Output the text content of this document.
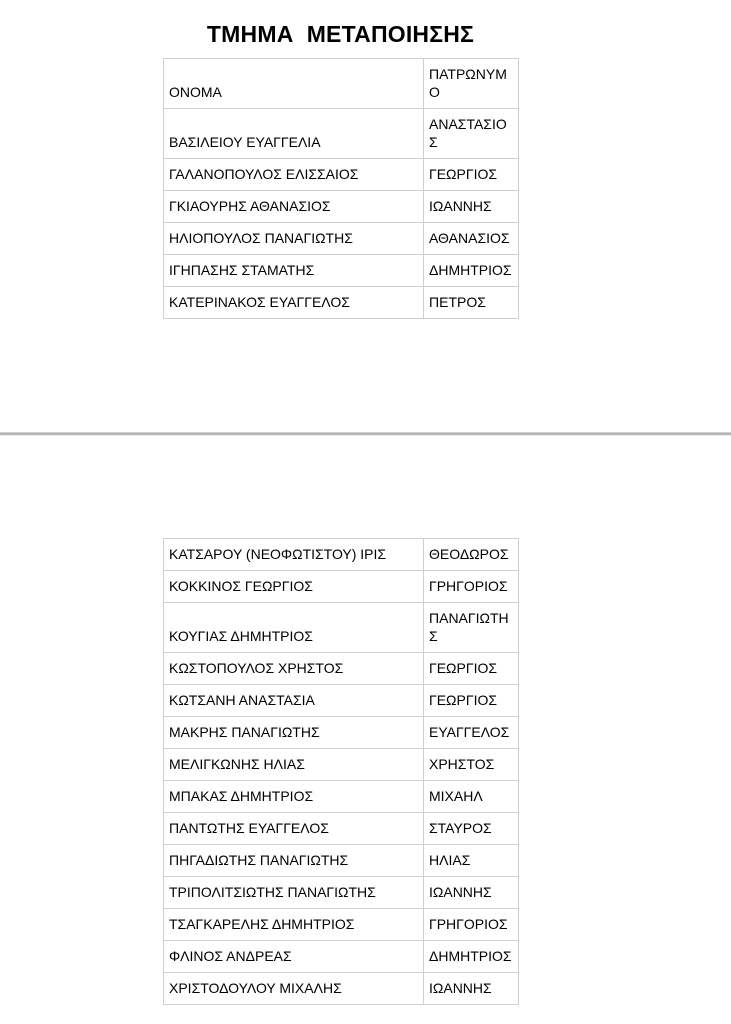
ΤΜΗΜΑ  ΜΕΤΑΠΟΙΗΣΗΣ
ΟΝΟΜΑ	ΠΑΤΡΩΝΥΜΟ
ΒΑΣΙΛΕΙΟΥ ΕΥΑΓΓΕΛΙΑ	ΑΝΑΣΤΑΣΙΟΣ
ΓΑΛΑΝΟΠΟΥΛΟΣ ΕΛΙΣΣΑΙΟΣ	ΓΕΩΡΓΙΟΣ
ΓΚΙΑΟΥΡΗΣ ΑΘΑΝΑΣΙΟΣ	ΙΩΑΝΝΗΣ
ΗΛΙΟΠΟΥΛΟΣ ΠΑΝΑΓΙΩΤΗΣ	ΑΘΑΝΑΣΙΟΣ
ΙΓΗΠΑΣΗΣ ΣΤΑΜΑΤΗΣ	ΔΗΜΗΤΡΙΟΣ
ΚΑΤΕΡΙΝΑΚΟΣ ΕΥΑΓΓΕΛΟΣ	ΠΕΤΡΟΣ
ΚΑΤΣΑΡΟΥ (ΝΕΟΦΩΤΙΣΤΟΥ) ΙΡΙΣ	ΘΕΟΔΩΡΟΣ
ΚΟΚΚΙΝΟΣ ΓΕΩΡΓΙΟΣ	ΓΡΗΓΟΡΙΟΣ
ΚΟΥΓΙΑΣ ΔΗΜΗΤΡΙΟΣ	ΠΑΝΑΓΙΩΤΗΣ
ΚΩΣΤΟΠΟΥΛΟΣ ΧΡΗΣΤΟΣ	ΓΕΩΡΓΙΟΣ
ΚΩΤΣΑΝΗ ΑΝΑΣΤΑΣΙΑ	ΓΕΩΡΓΙΟΣ
ΜΑΚΡΗΣ ΠΑΝΑΓΙΩΤΗΣ	ΕΥΑΓΓΕΛΟΣ
ΜΕΛΙΓΚΩΝΗΣ ΗΛΙΑΣ	ΧΡΗΣΤΟΣ
ΜΠΑΚΑΣ ΔΗΜΗΤΡΙΟΣ	ΜΙΧΑΗΛ
ΠΑΝΤΩΤΗΣ ΕΥΑΓΓΕΛΟΣ	ΣΤΑΥΡΟΣ
ΠΗΓΑΔΙΩΤΗΣ ΠΑΝΑΓΙΩΤΗΣ	ΗΛΙΑΣ
ΤΡΙΠΟΛΙΤΣΙΩΤΗΣ ΠΑΝΑΓΙΩΤΗΣ	ΙΩΑΝΝΗΣ
ΤΣΑΓΚΑΡΕΛΗΣ ΔΗΜΗΤΡΙΟΣ	ΓΡΗΓΟΡΙΟΣ
ΦΛΙΝΟΣ ΑΝΔΡΕΑΣ	ΔΗΜΗΤΡΙΟΣ
ΧΡΙΣΤΟΔΟΥΛΟΥ ΜΙΧΑΛΗΣ	ΙΩΑΝΝΗΣ
